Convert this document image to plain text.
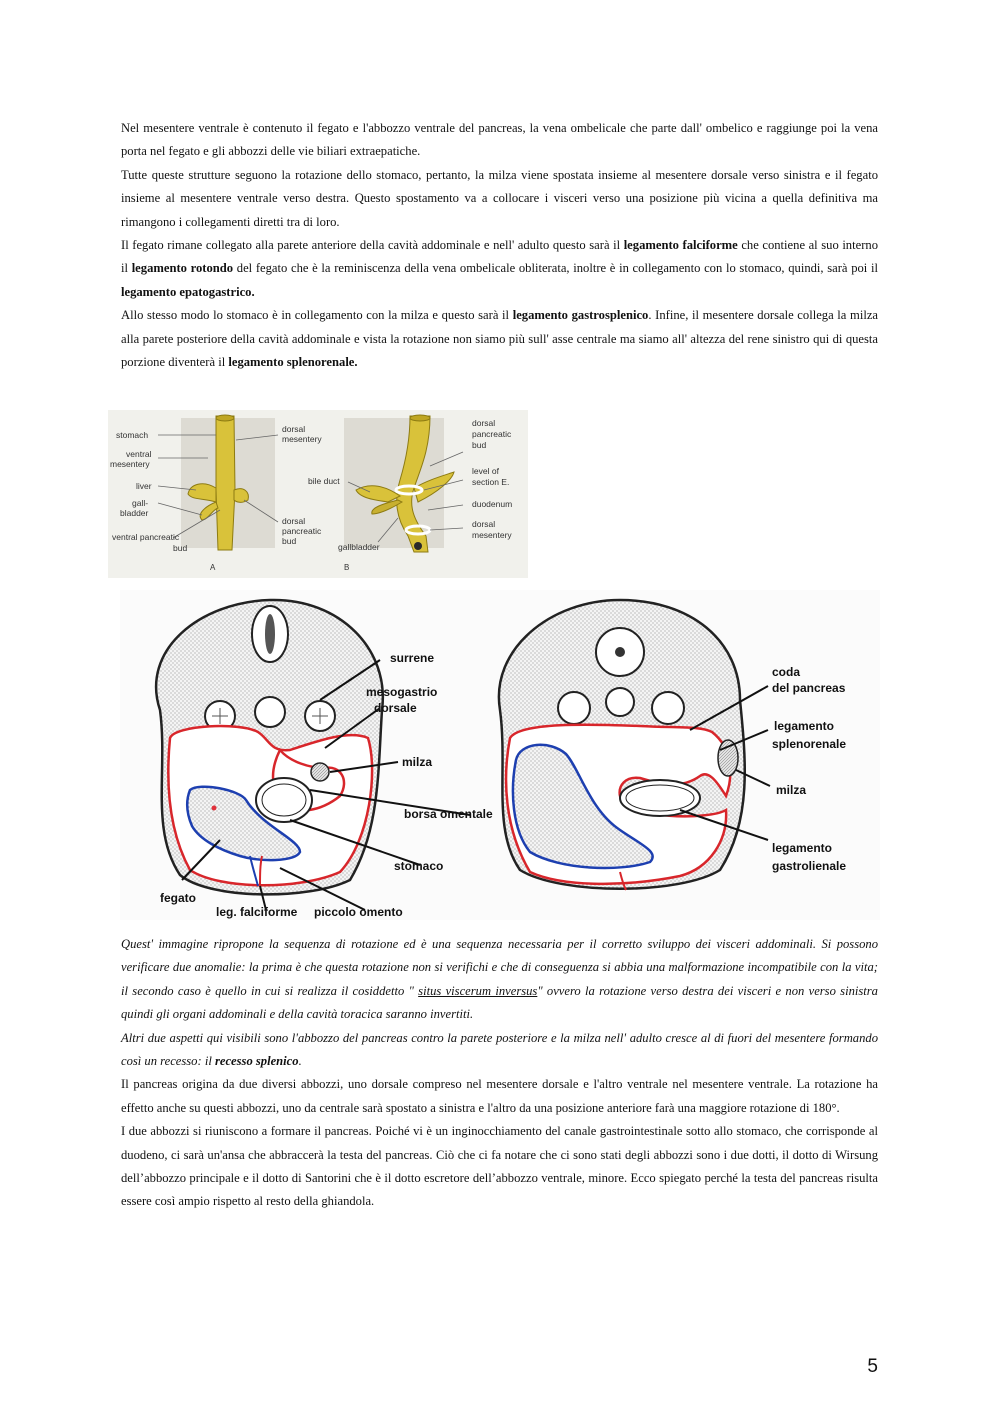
Nel mesentere ventrale è contenuto il fegato e l'abbozzo ventrale del pancreas, la vena ombelicale che parte dall' ombelico e raggiunge poi la vena porta nel fegato e gli abbozzi delle vie biliari extraepatiche.

Tutte queste strutture seguono la rotazione dello stomaco, pertanto, la milza viene spostata insieme al mesentere dorsale verso sinistra e il fegato insieme al mesentere ventrale verso destra. Questo spostamento va a collocare i visceri verso una posizione più vicina a quella definitiva ma rimangono i collegamenti diretti tra di loro.

Il fegato rimane collegato alla parete anteriore della cavità addominale e nell' adulto questo sarà il legamento falciforme che contiene al suo interno il legamento rotondo del fegato che è la reminiscenza della vena ombelicale obliterata, inoltre è in collegamento con lo stomaco, quindi, sarà poi il legamento epatogastrico.

Allo stesso modo lo stomaco è in collegamento con la milza e questo sarà il legamento gastrosplenico. Infine, il mesentere dorsale collega la milza alla parete posteriore della cavità addominale e vista la rotazione non siamo più sull' asse centrale ma siamo all' altezza del rene sinistro qui di questa porzione diventerà il legamento splenorenale.

stomach
ventral
mesentery
liver
gall-
bladder
ventral pancreatic
bud
dorsal
mesentery
dorsal
pancreatic
bud
A
dorsal
pancreatic
bud
bile duct
level of
section E.
duodenum
dorsal
mesentery
gallbladder
B
surrene
mesogastrio
dorsale
milza
borsa omentale
stomaco
fegato
leg. falciforme piccolo omento
coda
del pancreas
legamento
splenorenale
milza
legamento
gastrolienale

Quest' immagine ripropone la sequenza di rotazione ed è una sequenza necessaria per il corretto sviluppo dei visceri addominali. Si possono verificare due anomalie: la prima è che questa rotazione non si verifichi e che di conseguenza si abbia una malformazione incompatibile con la vita; il secondo caso è quello in cui si realizza il cosiddetto " situs viscerum inversus" ovvero la rotazione verso destra dei visceri e non verso sinistra quindi gli organi addominali e della cavità toracica saranno invertiti.

Altri due aspetti qui visibili sono l'abbozzo del pancreas contro la parete posteriore e la milza nell' adulto cresce al di fuori del mesentere formando così un recesso: il recesso splenico.

Il pancreas origina da due diversi abbozzi, uno dorsale compreso nel mesentere dorsale e l'altro ventrale nel mesentere ventrale. La rotazione ha effetto anche su questi abbozzi, uno da centrale sarà spostato a sinistra e l'altro da una posizione anteriore farà una maggiore rotazione di 180°.

I due abbozzi si riuniscono a formare il pancreas. Poiché vi è un inginocchiamento del canale gastrointestinale sotto allo stomaco, che corrisponde al duodeno, ci sarà un'ansa che abbraccerà la testa del pancreas. Ciò che ci fa notare che ci sono stati degli abbozzi sono i due dotti, il dotto di Wirsung dell’abbozzo principale e il dotto di Santorini che è il dotto escretore dell’abbozzo ventrale, minore. Ecco spiegato perché la testa del pancreas risulta essere così ampio rispetto al resto della ghiandola.

5
